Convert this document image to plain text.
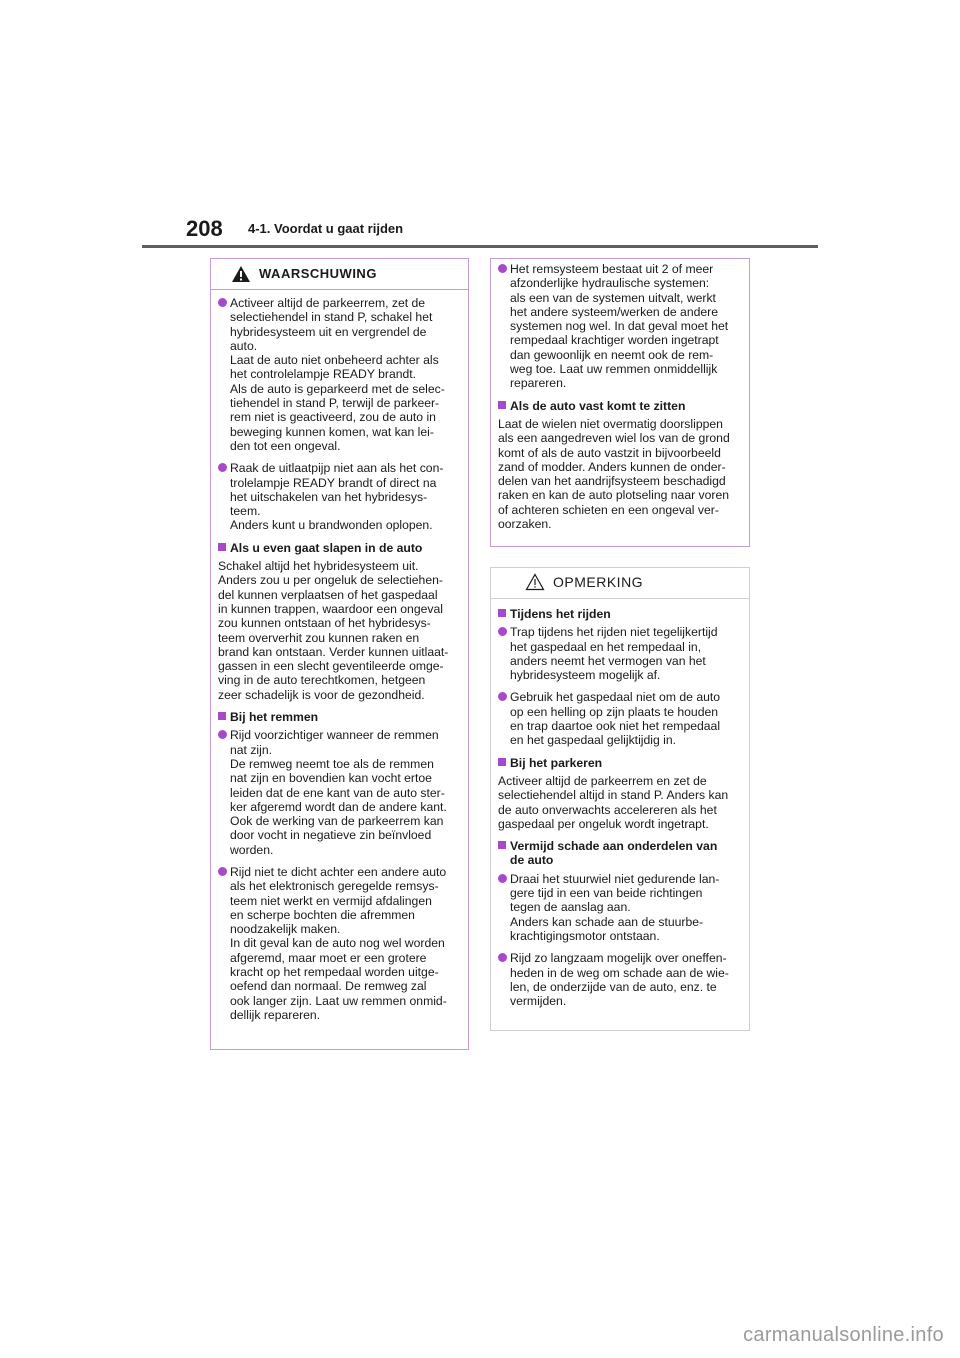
208 4-1. Voordat u gaat rijden
WAARSCHUWING
Activeer altijd de parkeerrem, zet de
selectiehendel in stand P, schakel het
hybridesysteem uit en vergrendel de
auto.
Laat de auto niet onbeheerd achter als
het controlelampje READY brandt.
Als de auto is geparkeerd met de selec-
tiehendel in stand P, terwijl de parkeer-
rem niet is geactiveerd, zou de auto in
beweging kunnen komen, wat kan lei-
den tot een ongeval.
Raak de uitlaatpijp niet aan als het con-
trolelampje READY brandt of direct na
het uitschakelen van het hybridesys-
teem.
Anders kunt u brandwonden oplopen.
Als u even gaat slapen in de auto
Schakel altijd het hybridesysteem uit.
Anders zou u per ongeluk de selectiehen-
del kunnen verplaatsen of het gaspedaal
in kunnen trappen, waardoor een ongeval
zou kunnen ontstaan of het hybridesys-
teem oververhit zou kunnen raken en
brand kan ontstaan. Verder kunnen uitlaat-
gassen in een slecht geventileerde omge-
ving in de auto terechtkomen, hetgeen
zeer schadelijk is voor de gezondheid.
Bij het remmen
Rijd voorzichtiger wanneer de remmen
nat zijn.
De remweg neemt toe als de remmen
nat zijn en bovendien kan vocht ertoe
leiden dat de ene kant van de auto ster-
ker afgeremd wordt dan de andere kant.
Ook de werking van de parkeerrem kan
door vocht in negatieve zin beïnvloed
worden.
Rijd niet te dicht achter een andere auto
als het elektronisch geregelde remsys-
teem niet werkt en vermijd afdalingen
en scherpe bochten die afremmen
noodzakelijk maken.
In dit geval kan de auto nog wel worden
afgeremd, maar moet er een grotere
kracht op het rempedaal worden uitge-
oefend dan normaal. De remweg zal
ook langer zijn. Laat uw remmen onmid-
dellijk repareren.
Het remsysteem bestaat uit 2 of meer
afzonderlijke hydraulische systemen:
als een van de systemen uitvalt, werkt
het andere systeem/werken de andere
systemen nog wel. In dat geval moet het
rempedaal krachtiger worden ingetrapt
dan gewoonlijk en neemt ook de rem-
weg toe. Laat uw remmen onmiddellijk
repareren.
Als de auto vast komt te zitten
Laat de wielen niet overmatig doorslippen
als een aangedreven wiel los van de grond
komt of als de auto vastzit in bijvoorbeeld
zand of modder. Anders kunnen de onder-
delen van het aandrijfsysteem beschadigd
raken en kan de auto plotseling naar voren
of achteren schieten en een ongeval ver-
oorzaken.
OPMERKING
Tijdens het rijden
Trap tijdens het rijden niet tegelijkertijd
het gaspedaal en het rempedaal in,
anders neemt het vermogen van het
hybridesysteem mogelijk af.
Gebruik het gaspedaal niet om de auto
op een helling op zijn plaats te houden
en trap daartoe ook niet het rempedaal
en het gaspedaal gelijktijdig in.
Bij het parkeren
Activeer altijd de parkeerrem en zet de
selectiehendel altijd in stand P. Anders kan
de auto onverwachts accelereren als het
gaspedaal per ongeluk wordt ingetrapt.
Vermijd schade aan onderdelen van
de auto
Draai het stuurwiel niet gedurende lan-
gere tijd in een van beide richtingen
tegen de aanslag aan.
Anders kan schade aan de stuurbe-
krachtigingsmotor ontstaan.
Rijd zo langzaam mogelijk over oneffen-
heden in de weg om schade aan de wie-
len, de onderzijde van de auto, enz. te
vermijden.
carmanualsonline.info
